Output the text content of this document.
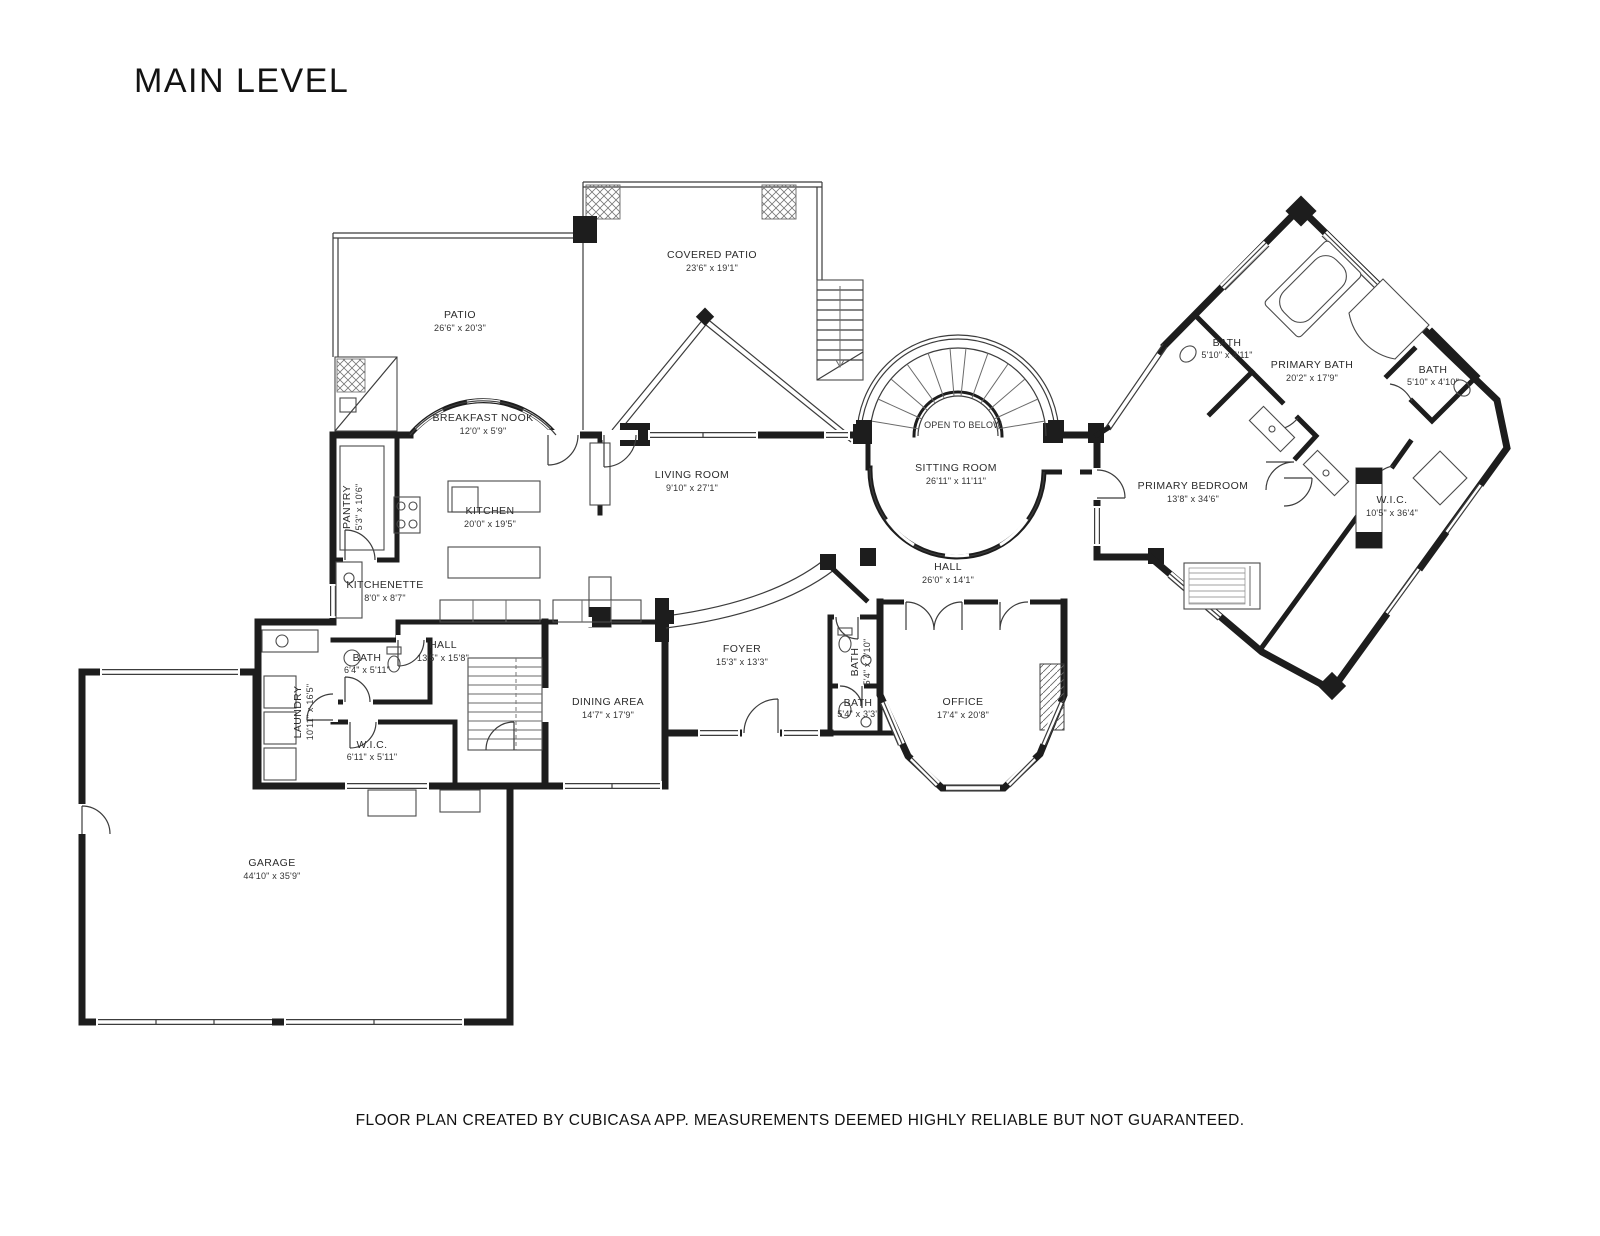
MAIN LEVEL
PATIO
26'6" x 20'3"
COVERED PATIO
23'6" x 19'1"
BREAKFAST NOOK
12'0" x 5'9"
PANTRY 5'3" x 10'6"	KITCHEN
20'0" x 19'5"
KITCHENETTE
8'0" x 8'7"
LIVING ROOM
9'10" x 27'1"
SITTING ROOM
26'11" x 11'11"
OPEN TO BELOW
HALL
26'0" x 14'1"
PRIMARY BEDROOM
13'8" x 34'6"
PRIMARY BATH
20'2" x 17'9"
BATH
5'10" x 4'11"
BATH
5'10" x 4'10"
W.I.C.
10'5" x 36'4"
HALL
13'5" x 15'8"
BATH
6'4" x 5'11"
LAUNDRY 10'11" x 16'5"
W.I.C.
6'11" x 5'11"
DINING AREA
14'7" x 17'9"
FOYER
15'3" x 13'3"	BATH 5'4" x 7'10"
BATH
5'4" x 3'3"
OFFICE
17'4" x 20'8"
GARAGE
44'10" x 35'9"
FLOOR PLAN CREATED BY CUBICASA APP. MEASUREMENTS DEEMED HIGHLY RELIABLE BUT NOT GUARANTEED.
